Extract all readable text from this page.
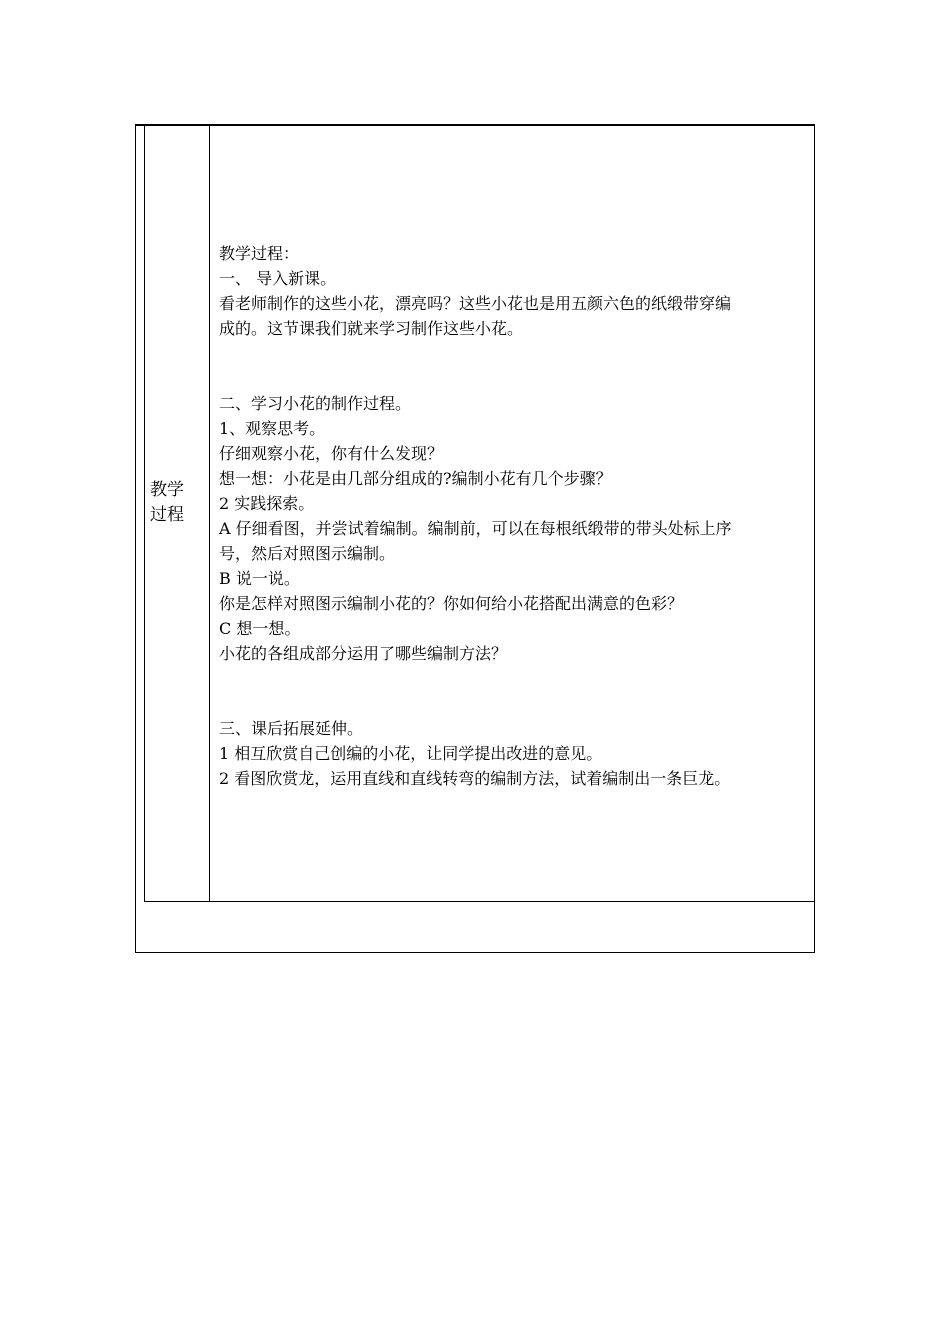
教学
过程
教学过程：
一、 导入新课。
看老师制作的这些小花，漂亮吗？这些小花也是用五颜六色的纸缎带穿编
成的。这节课我们就来学习制作这些小花。
二、学习小花的制作过程。
1、观察思考。
仔细观察小花，你有什么发现？
想一想：小花是由几部分组成的?编制小花有几个步骤？
2 实践探索。
A 仔细看图，并尝试着编制。编制前，可以在每根纸缎带的带头处标上序
号，然后对照图示编制。
B 说一说。
你是怎样对照图示编制小花的？你如何给小花搭配出满意的色彩？
C 想一想。
小花的各组成部分运用了哪些编制方法？
三、课后拓展延伸。
1 相互欣赏自己创编的小花，让同学提出改进的意见。
2 看图欣赏龙，运用直线和直线转弯的编制方法，试着编制出一条巨龙。
